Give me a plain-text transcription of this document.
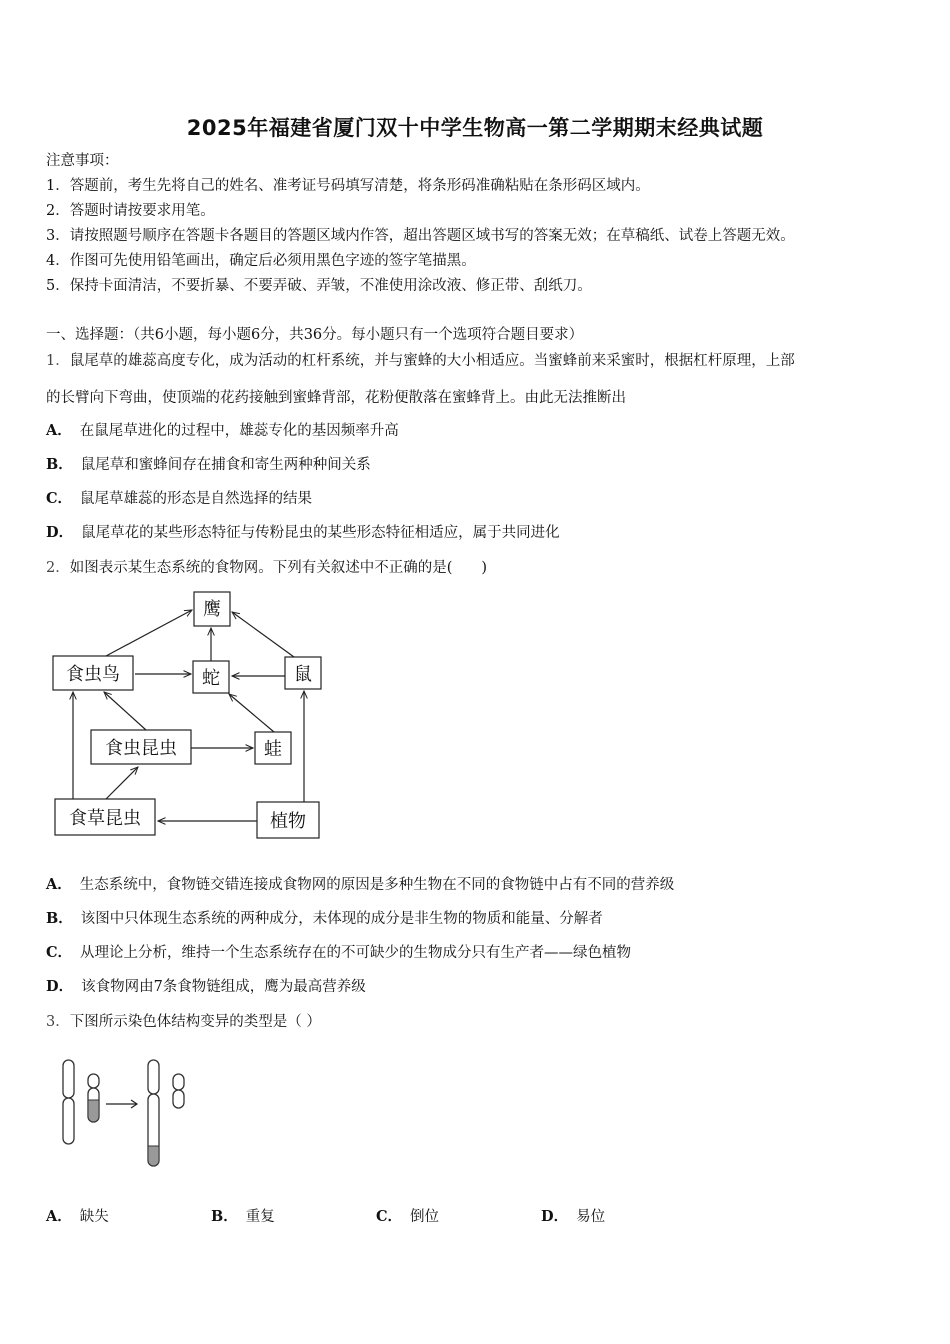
2025年福建省厦门双十中学生物高一第二学期期末经典试题
注意事项：
1．答题前，考生先将自己的姓名、准考证号码填写清楚，将条形码准确粘贴在条形码区域内。
2．答题时请按要求用笔。
3．请按照题号顺序在答题卡各题目的答题区域内作答，超出答题区域书写的答案无效；在草稿纸、试卷上答题无效。
4．作图可先使用铅笔画出，确定后必须用黑色字迹的签字笔描黑。
5．保持卡面清洁，不要折暴、不要弄破、弄皱，不准使用涂改液、修正带、刮纸刀。
一、选择题：（共6小题，每小题6分，共36分。每小题只有一个选项符合题目要求）
1．鼠尾草的雄蕊高度专化，成为活动的杠杆系统，并与蜜蜂的大小相适应。当蜜蜂前来采蜜时，根据杠杆原理，上部
的长臂向下弯曲，使顶端的花药接触到蜜蜂背部，花粉便散落在蜜蜂背上。由此无法推断出
A． 在鼠尾草进化的过程中，雄蕊专化的基因频率升高
B． 鼠尾草和蜜蜂间存在捕食和寄生两种种间关系
C． 鼠尾草雄蕊的形态是自然选择的结果
D． 鼠尾草花的某些形态特征与传粉昆虫的某些形态特征相适应，属于共同进化
2．如图表示某生态系统的食物网。下列有关叙述中不正确的是(　　)
鹰
食虫鸟	蛇	鼠
食虫昆虫	蛙
食草昆虫	植物
A． 生态系统中，食物链交错连接成食物网的原因是多种生物在不同的食物链中占有不同的营养级
B． 该图中只体现生态系统的两种成分，未体现的成分是非生物的物质和能量、分解者
C． 从理论上分析，维持一个生态系统存在的不可缺少的生物成分只有生产者——绿色植物
D． 该食物网由7条食物链组成，鹰为最高营养级
3．下图所示染色体结构变异的类型是（ ）
A． 缺失	B． 重复	C． 倒位	D． 易位
